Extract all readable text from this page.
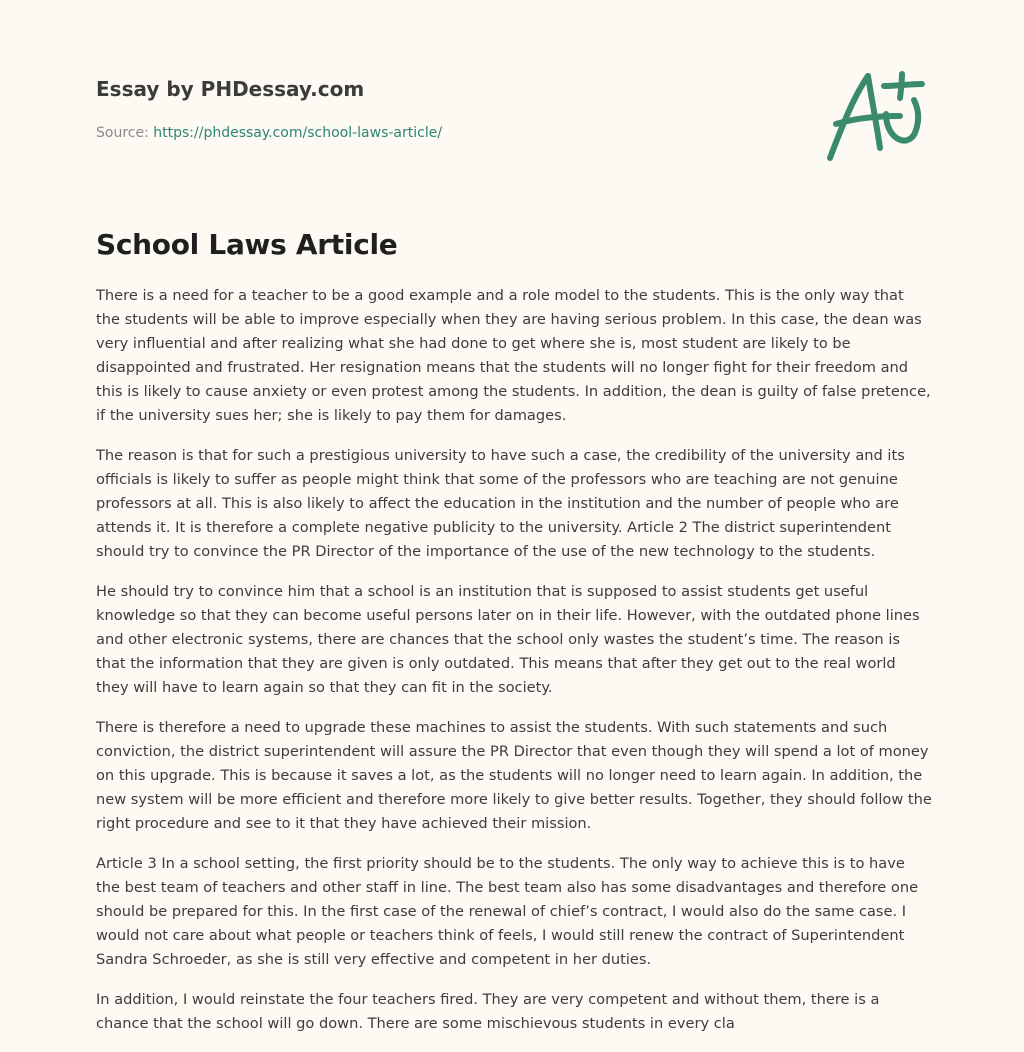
Essay by PHDessay.com
Source: https://phdessay.com/school-laws-article/
School Laws Article

There is a need for a teacher to be a good example and a role model to the students. This is the only way that the students will be able to improve especially when they are having serious problem. In this case, the dean was very influential and after realizing what she had done to get where she is, most student are likely to be disappointed and frustrated. Her resignation means that the students will no longer fight for their freedom and this is likely to cause anxiety or even protest among the students. In addition, the dean is guilty of false pretence, if the university sues her; she is likely to pay them for damages.

The reason is that for such a prestigious university to have such a case, the credibility of the university and its officials is likely to suffer as people might think that some of the professors who are teaching are not genuine professors at all. This is also likely to affect the education in the institution and the number of people who are attends it. It is therefore a complete negative publicity to the university. Article 2 The district superintendent should try to convince the PR Director of the importance of the use of the new technology to the students.

He should try to convince him that a school is an institution that is supposed to assist students get useful knowledge so that they can become useful persons later on in their life. However, with the outdated phone lines and other electronic systems, there are chances that the school only wastes the student’s time. The reason is that the information that they are given is only outdated. This means that after they get out to the real world they will have to learn again so that they can fit in the society.

There is therefore a need to upgrade these machines to assist the students. With such statements and such conviction, the district superintendent will assure the PR Director that even though they will spend a lot of money on this upgrade. This is because it saves a lot, as the students will no longer need to learn again. In addition, the new system will be more efficient and therefore more likely to give better results. Together, they should follow the right procedure and see to it that they have achieved their mission.

Article 3 In a school setting, the first priority should be to the students. The only way to achieve this is to have the best team of teachers and other staff in line. The best team also has some disadvantages and therefore one should be prepared for this. In the first case of the renewal of chief’s contract, I would also do the same case. I would not care about what people or teachers think of feels, I would still renew the contract of Superintendent Sandra Schroeder, as she is still very effective and competent in her duties.

In addition, I would reinstate the four teachers fired. They are very competent and without them, there is a chance that the school will go down. There are some mischievous students in every cla
